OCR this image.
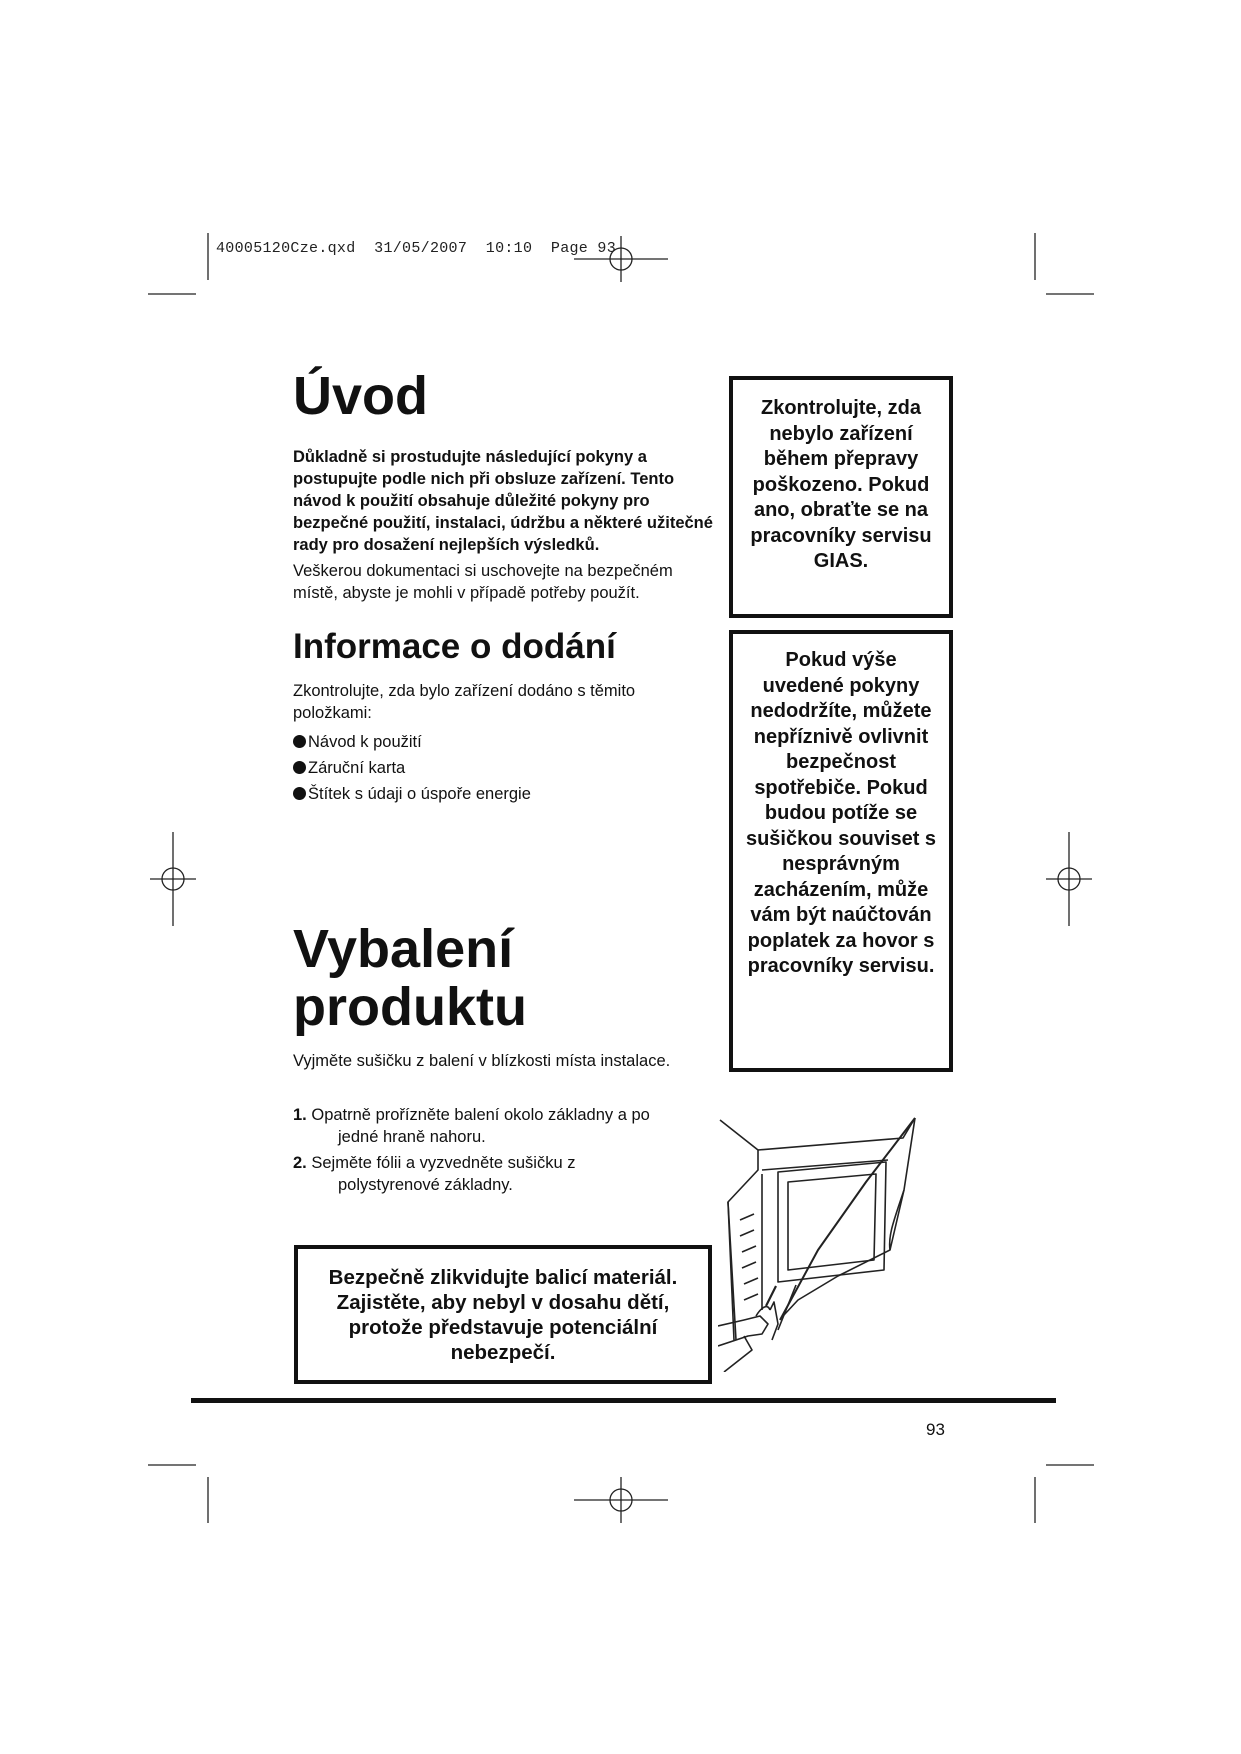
40005120Cze.qxd 31/05/2007 10:10 Page 93
Úvod

Důkladně si prostudujte následující pokyny a postupujte podle nich při obsluze zařízení. Tento návod k použití obsahuje důležité pokyny pro bezpečné použití, instalaci, údržbu a některé užitečné rady pro dosažení nejlepších výsledků.

Veškerou dokumentaci si uschovejte na bezpečném místě, abyste je mohli v případě potřeby použít.

Informace o dodání

Zkontrolujte, zda bylo zařízení dodáno s těmito položkami:

Návod k použití
Záruční karta
Štítek s údaji o úspoře energie
Vybalení
produktu

Vyjměte sušičku z balení v blízkosti místa instalace.

1. Opatrně prořízněte balení okolo základny a po
jedné hraně nahoru.
2. Sejměte fólii a vyzvedněte sušičku z
polystyrenové základny.
Bezpečně zlikvidujte balicí materiál. Zajistěte, aby nebyl v dosahu dětí, protože představuje potenciální nebezpečí.
Zkontrolujte, zda nebylo zařízení během přepravy poškozeno. Pokud ano, obraťte se na pracovníky servisu GIAS.
Pokud výše uvedené pokyny nedodržíte, můžete nepříznivě ovlivnit bezpečnost spotřebiče. Pokud budou potíže se sušičkou souviset s nesprávným zacházením, může vám být naúčtován poplatek za hovor s pracovníky servisu.
93
